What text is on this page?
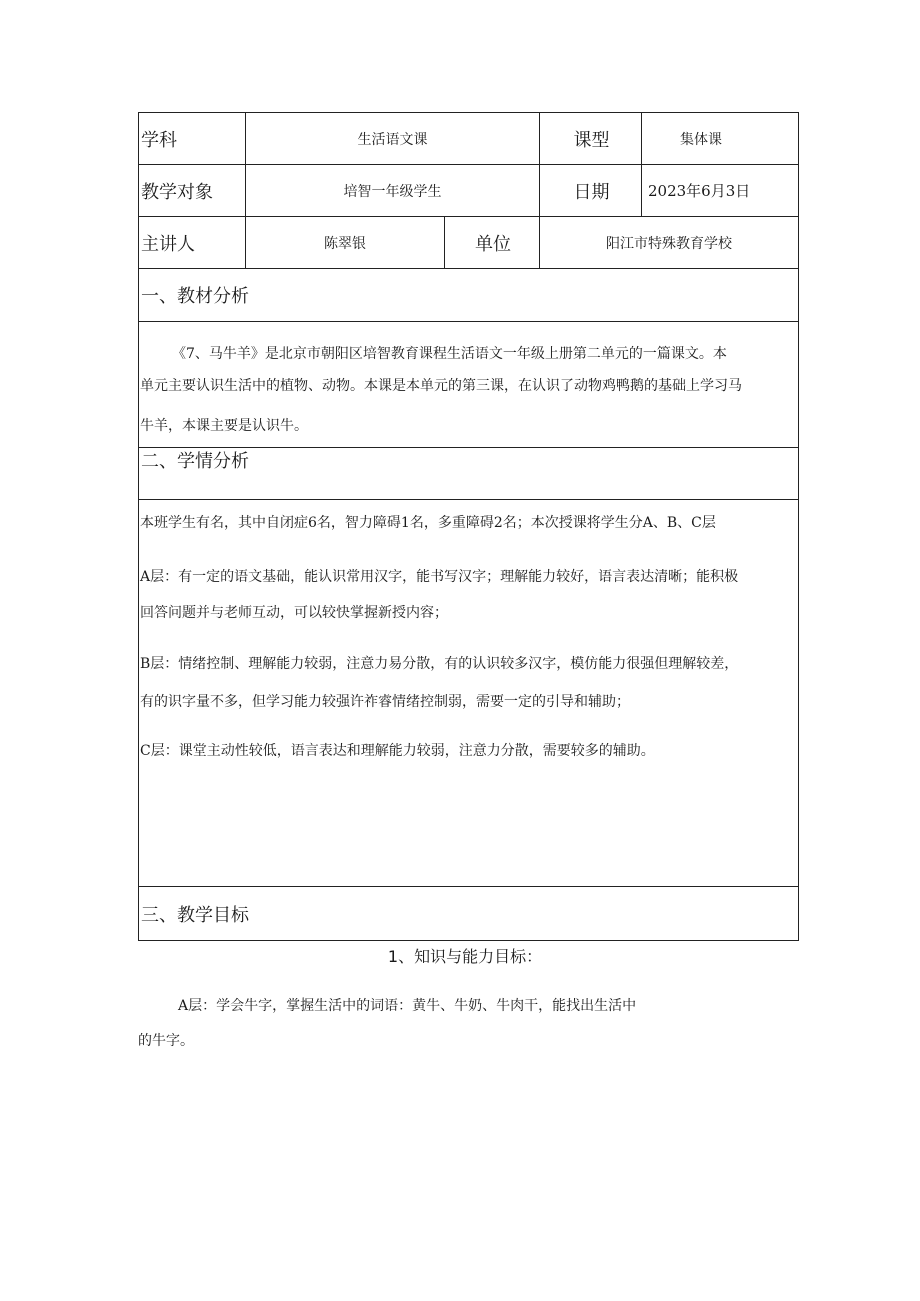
学科	生活语文课	课型	集体课
教学对象	培智一年级学生	日期	2023年6月3日
主讲人	陈翠银	单位	阳江市特殊教育学校
一、教材分析

《7、马牛羊》是北京市朝阳区培智教育课程生活语文一年级上册第二单元的一篇课文。本

单元主要认识生活中的植物、动物。本课是本单元的第三课，在认识了动物鸡鸭鹅的基础上学习马

牛羊，本课主要是认识牛。

二、学情分析

本班学生有名，其中自闭症6名，智力障碍1名，多重障碍2名；本次授课将学生分A、B、C层

A层：有一定的语文基础，能认识常用汉字，能书写汉字；理解能力较好，语言表达清晰；能积极

回答问题并与老师互动，可以较快掌握新授内容；

B层：情绪控制、理解能力较弱，注意力易分散，有的认识较多汉字，模仿能力很强但理解较差，

有的识字量不多，但学习能力较强许祚睿情绪控制弱，需要一定的引导和辅助；

C层：课堂主动性较低，语言表达和理解能力较弱，注意力分散，需要较多的辅助。

三、教学目标
1、知识与能力目标：

A层：学会牛字，掌握生活中的词语：黄牛、牛奶、牛肉干，能找出生活中

的牛字。
